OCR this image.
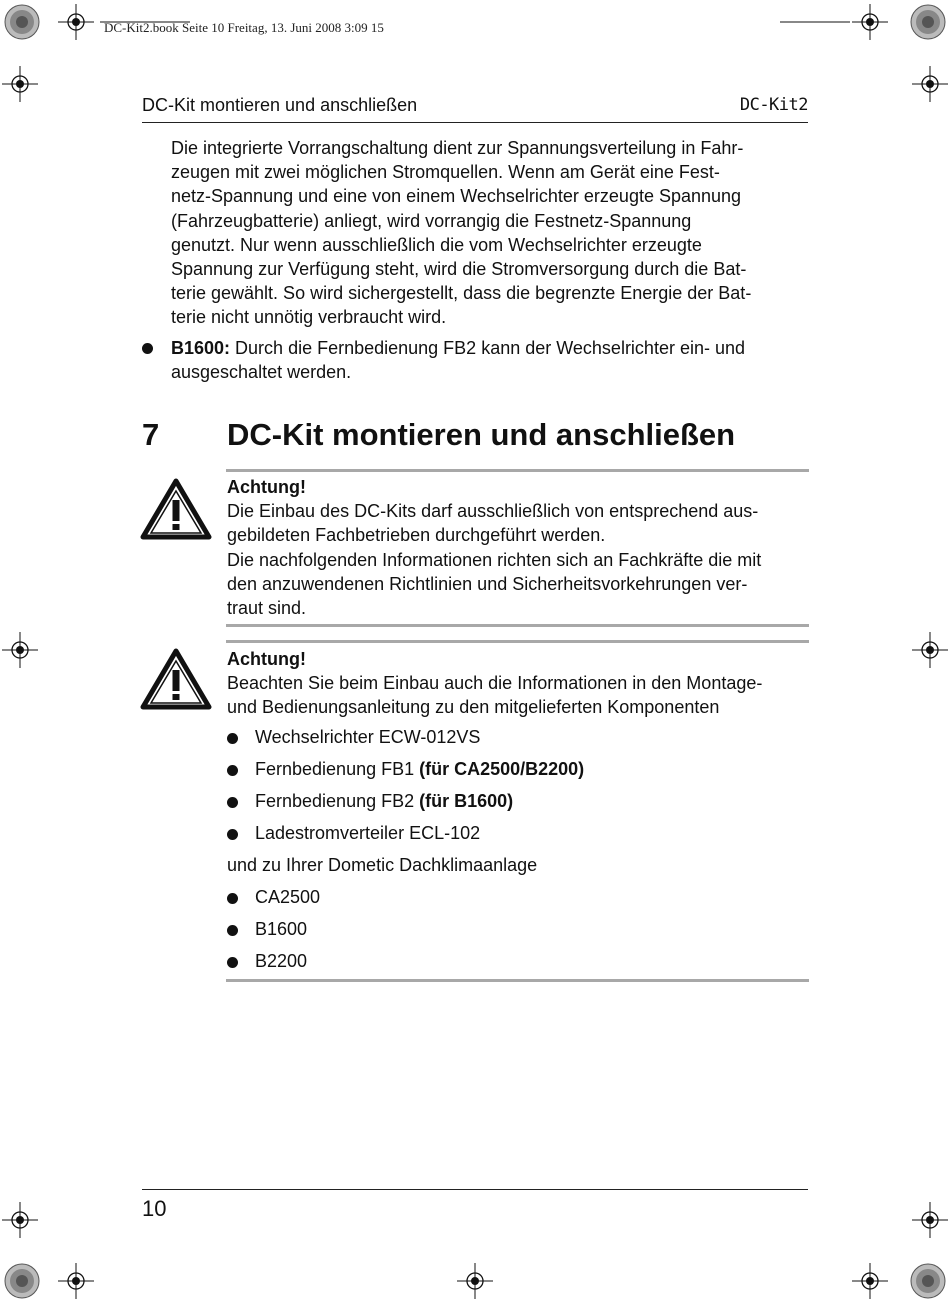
DC-Kit2.book Seite 10 Freitag, 13. Juni 2008 3:09 15
DC-Kit montieren und anschließen	DC-Kit2
Die integrierte Vorrangschaltung dient zur Spannungsverteilung in Fahr-
zeugen mit zwei möglichen Stromquellen. Wenn am Gerät eine Fest-
netz-Spannung und eine von einem Wechselrichter erzeugte Spannung
(Fahrzeugbatterie) anliegt, wird vorrangig die Festnetz-Spannung
genutzt. Nur wenn ausschließlich die vom Wechselrichter erzeugte
Spannung zur Verfügung steht, wird die Stromversorgung durch die Bat-
terie gewählt. So wird sichergestellt, dass die begrenzte Energie der Bat-
terie nicht unnötig verbraucht wird.
B1600: Durch die Fernbedienung FB2 kann der Wechselrichter ein- und
ausgeschaltet werden.
7 DC-Kit montieren und anschließen
Achtung!
Die Einbau des DC-Kits darf ausschließlich von entsprechend aus-
gebildeten Fachbetrieben durchgeführt werden.
Die nachfolgenden Informationen richten sich an Fachkräfte die mit
den anzuwendenen Richtlinien und Sicherheitsvorkehrungen ver-
traut sind.
Achtung!
Beachten Sie beim Einbau auch die Informationen in den Montage-
und Bedienungsanleitung zu den mitgelieferten Komponenten
Wechselrichter ECW-012VS
Fernbedienung FB1 (für CA2500/B2200)
Fernbedienung FB2 (für B1600)
Ladestromverteiler ECL-102
und zu Ihrer Dometic Dachklimaanlage
CA2500
B1600
B2200
10
